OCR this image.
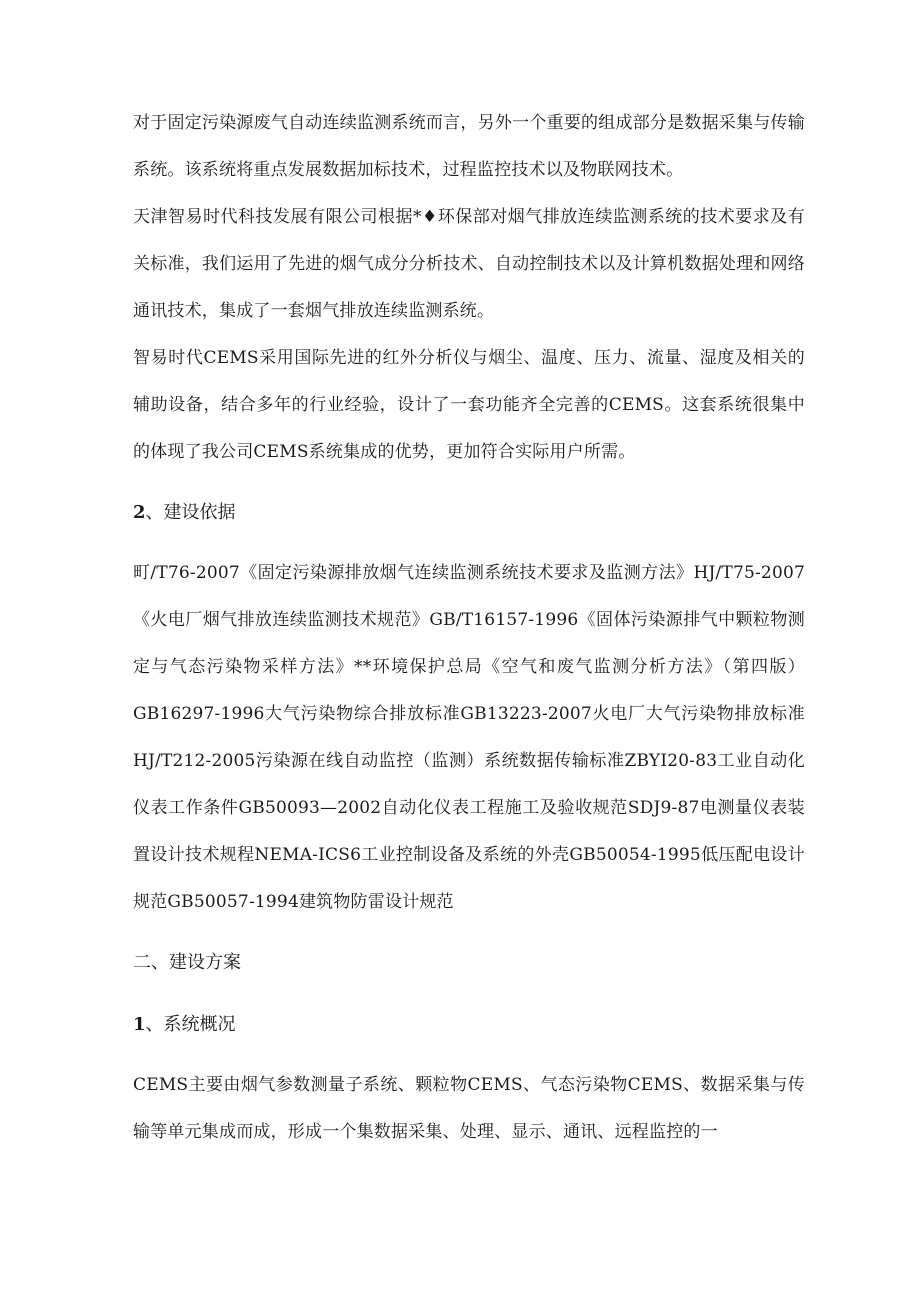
对于固定污染源废气自动连续监测系统而言，另外一个重要的组成部分是数据采集与传输系统。该系统将重点发展数据加标技术，过程监控技术以及物联网技术。

天津智易时代科技发展有限公司根据*♦环保部对烟气排放连续监测系统的技术要求及有关标准，我们运用了先进的烟气成分分析技术、自动控制技术以及计算机数据处理和网络通讯技术，集成了一套烟气排放连续监测系统。

智易时代CEMS采用国际先进的红外分析仪与烟尘、温度、压力、流量、湿度及相关的辅助设备，结合多年的行业经验，设计了一套功能齐全完善的CEMS。这套系统很集中的体现了我公司CEMS系统集成的优势，更加符合实际用户所需。

2、建设依据

町/T76-2007《固定污染源排放烟气连续监测系统技术要求及监测方法》HJ/T75-2007《火电厂烟气排放连续监测技术规范》GB/T16157-1996《固体污染源排气中颗粒物测定与气态污染物采样方法》**环境保护总局《空气和废气监测分析方法》（第四版）GB16297-1996大气污染物综合排放标准GB13223-2007火电厂大气污染物排放标准HJ/T212-2005污染源在线自动监控（监测）系统数据传输标准ZBYI20-83工业自动化仪表工作条件GB50093—2002自动化仪表工程施工及验收规范SDJ9-87电测量仪表装置设计技术规程NEMA-ICS6工业控制设备及系统的外壳GB50054-1995低压配电设计规范GB50057-1994建筑物防雷设计规范

二、建设方案
1、系统概况

CEMS主要由烟气参数测量子系统、颗粒物CEMS、气态污染物CEMS、数据采集与传输等单元集成而成，形成一个集数据采集、处理、显示、通讯、远程监控的一
